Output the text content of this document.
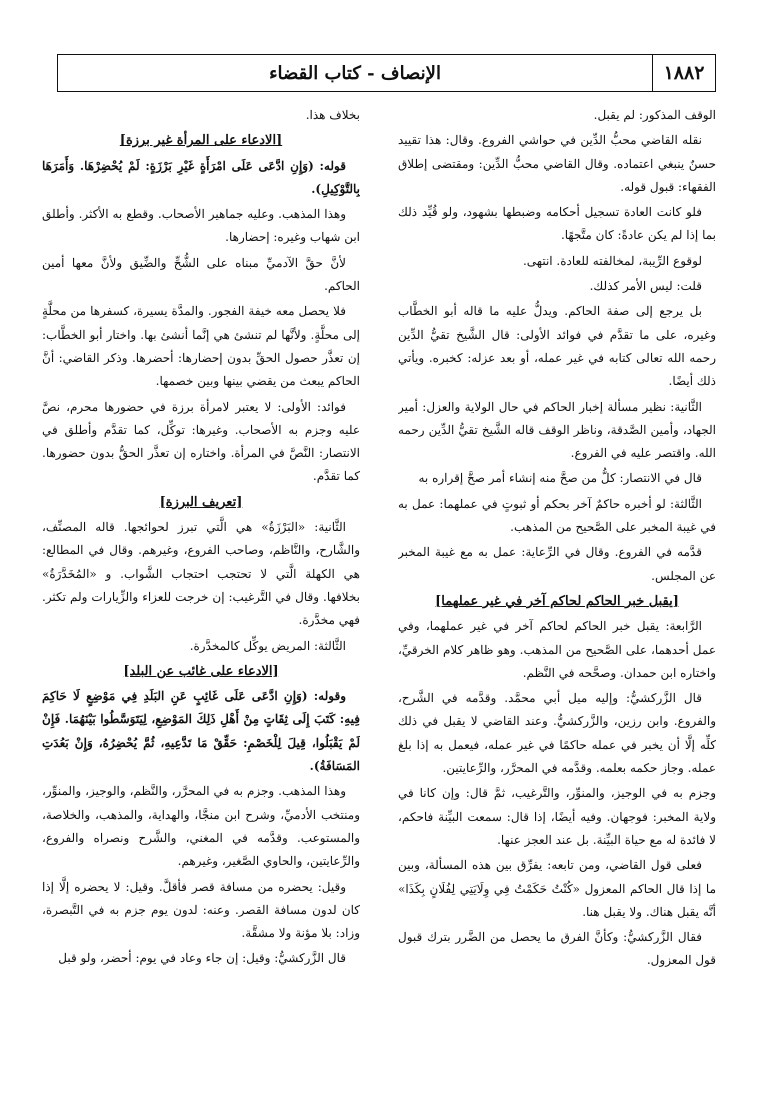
١٨٨٢
الإنصاف - كتاب القضاء

الوقف المذكور: لم يقبل.

نقله القاضي محبُّ الدِّين في حواشي الفروع. وقال: هذا تقييد حسنٌ ينبغي اعتماده. وقال القاضي محبُّ الدِّين: ومقتضى إطلاق الفقهاء: قبول قوله.

فلو كانت العادة تسجيل أحكامه وضبطها بشهود، ولو قُيِّد ذلك بما إذا لم يكن عادةً: كان متَّجهًا.

لوقوع الرِّيبة، لمخالفته للعادة. انتهى.

قلت: ليس الأمر كذلك.

بل يرجع إلى صفة الحاكم. ويدلُّ عليه ما قاله أبو الخطَّاب وغيره، على ما تقدَّم في فوائد الأولى: قال الشَّيخ تقيُّ الدِّين رحمه الله تعالى كتابه في غير عمله، أو بعد عزله: كخبره. ويأتي ذلك أيضًا.

الثَّانية: نظير مسألة إخبار الحاكم في حال الولاية والعزل: أمير الجهاد، وأمين الصَّدقة، وناظر الوقف قاله الشَّيخ تقيُّ الدِّين رحمه الله. واقتصر عليه في الفروع.

قال في الانتصار: كلُّ من صحَّ منه إنشاء أمر صحَّ إقراره به

الثَّالثة: لو أخبره حاكمٌ آخر بحكم أو ثبوتٍ في عملهما: عمل به في غيبة المخبر على الصَّحيح من المذهب.

قدَّمه في الفروع. وقال في الرِّعاية: عمل به مع غيبة المخبر عن المجلس.

[يقبل خبر الحاكم لحاكم آخر في غير عملهما]

الرَّابعة: يقبل خبر الحاكم لحاكم آخر في غير عملهما، وفي عمل أحدهما، على الصَّحيح من المذهب. وهو ظاهر كلام الخرقيِّ، واختاره ابن حمدان. وصحَّحه في النَّظم.

قال الزَّركشيُّ: وإليه ميل أبي محمَّد. وقدَّمه في الشَّرح، والفروع. وابن رزين، والزَّركشيُّ. وعند القاضي لا يقبل في ذلك كلِّه إلَّا أن يخبر في عمله حاكمًا في غير عمله، فيعمل به إذا بلغ عمله. وجاز حكمه بعلمه. وقدَّمه في المحرَّر، والرِّعايتين.

وجزم به في الوجيز، والمنوِّر، والتَّرغيب، ثمَّ قال: وإن كانا في ولاية المخبر: فوجهان. وفيه أيضًا، إذا قال: سمعت البيِّنة فاحكم، لا فائدة له مع حياة البيِّنة. بل عند العجز عنها.

فعلى قول القاضي، ومن تابعه: يفرِّق بين هذه المسألة، وبين ما إذا قال الحاكم المعزول «كُنْتُ حَكَمْتُ فِي وِلَايَتِي لِفُلَانٍ بِكَذَا» أنَّه يقبل هناك. ولا يقبل هنا.

فقال الزَّركشيُّ: وكأنَّ الفرق ما يحصل من الضَّرر بترك قبول قول المعزول.

بخلاف هذا.

[الادعاء على المرأة غير برزة]

قوله: (وَإِنِ ادَّعَى عَلَى امْرَأَةٍ غَيْرِ بَرْزَةٍ: لَمْ يُحْضِرْهَا. وَأَمَرَهَا بِالتَّوْكِيلِ).

وهذا المذهب. وعليه جماهير الأصحاب. وقطع به الأكثر. وأطلق ابن شهاب وغيره: إحضارها.

لأنَّ حقَّ الآدميِّ مبناه على الشُّحِّ والضِّيق ولأنَّ معها أمين الحاكم.

فلا يحصل معه خيفة الفجور. والمدَّة يسيرة، كسفرها من محلَّةٍ إلى محلَّةٍ. ولأنَّها لم تنشئ هي إنَّما أنشئ بها. واختار أبو الخطَّاب: إن تعذَّر حصول الحقِّ بدون إحضارها: أحضرها. وذكر القاضي: أنَّ الحاكم يبعث من يقضي بينها وبين خصمها.

فوائد: الأولى: لا يعتبر لامرأة برزة في حضورها محرم، نصَّ عليه وجزم به الأصحاب. وغيرها: توكِّل، كما تقدَّم وأطلق في الانتصار: النَّصَّ في المرأة. واختاره إن تعذَّر الحقُّ بدون حضورها. كما تقدَّم.

[تعريف البرزة]

الثَّانية: «البَرْزَةُ» هي الَّتي تبرز لحوائجها. قاله المصنِّف، والشَّارح، والنَّاظم، وصاحب الفروع، وغيرهم. وقال في المطالع: هي الكهلة الَّتي لا تحتجب احتجاب الشَّواب. و «المُخَدَّرَةُ» بخلافها. وقال في التَّرغيب: إن خرجت للعزاء والزِّيارات ولم تكثر. فهي مخدَّرة.

الثَّالثة: المريض يوكِّل كالمخدَّرة.

[الادعاء على غائب عن البلد]

وقوله: (وَإِنِ ادَّعَى عَلَى غَائِبٍ عَنِ البَلَدِ فِي مَوْضِعٍ لَا حَاكِمَ فِيهِ: كَتَبَ إِلَى ثِقَاتٍ مِنْ أَهْلِ ذَلِكَ المَوْضِعِ، لِيَتَوَسَّطُوا بَيْنَهُمَا. فَإِنْ لَمْ يَقْبَلُوا، قِيلَ لِلْخَصْمِ: حَقِّقْ مَا تَدَّعِيهِ، ثُمَّ يُحْضِرُهُ، وَإِنْ بَعُدَتِ المَسَافَةُ).

وهذا المذهب. وجزم به في المحرَّر، والنَّظم، والوجيز، والمنوِّر، ومنتخب الأدميِّ، وشرح ابن منجَّا، والهداية، والمذهب، والخلاصة، والمستوعب. وقدَّمه في المغني، والشَّرح ونصراه والفروع، والرِّعايتين، والحاوي الصَّغير، وغيرهم.

وقيل: يحضره من مسافة قصر فأقلَّ. وقيل: لا يحضره إلَّا إذا كان لدون مسافة القصر. وعنه: لدون يوم جزم به في التَّبصرة، وزاد: بلا مؤنة ولا مشقَّة.

قال الزَّركشيُّ: وقيل: إن جاء وعاد في يوم: أحضر، ولو قبل
